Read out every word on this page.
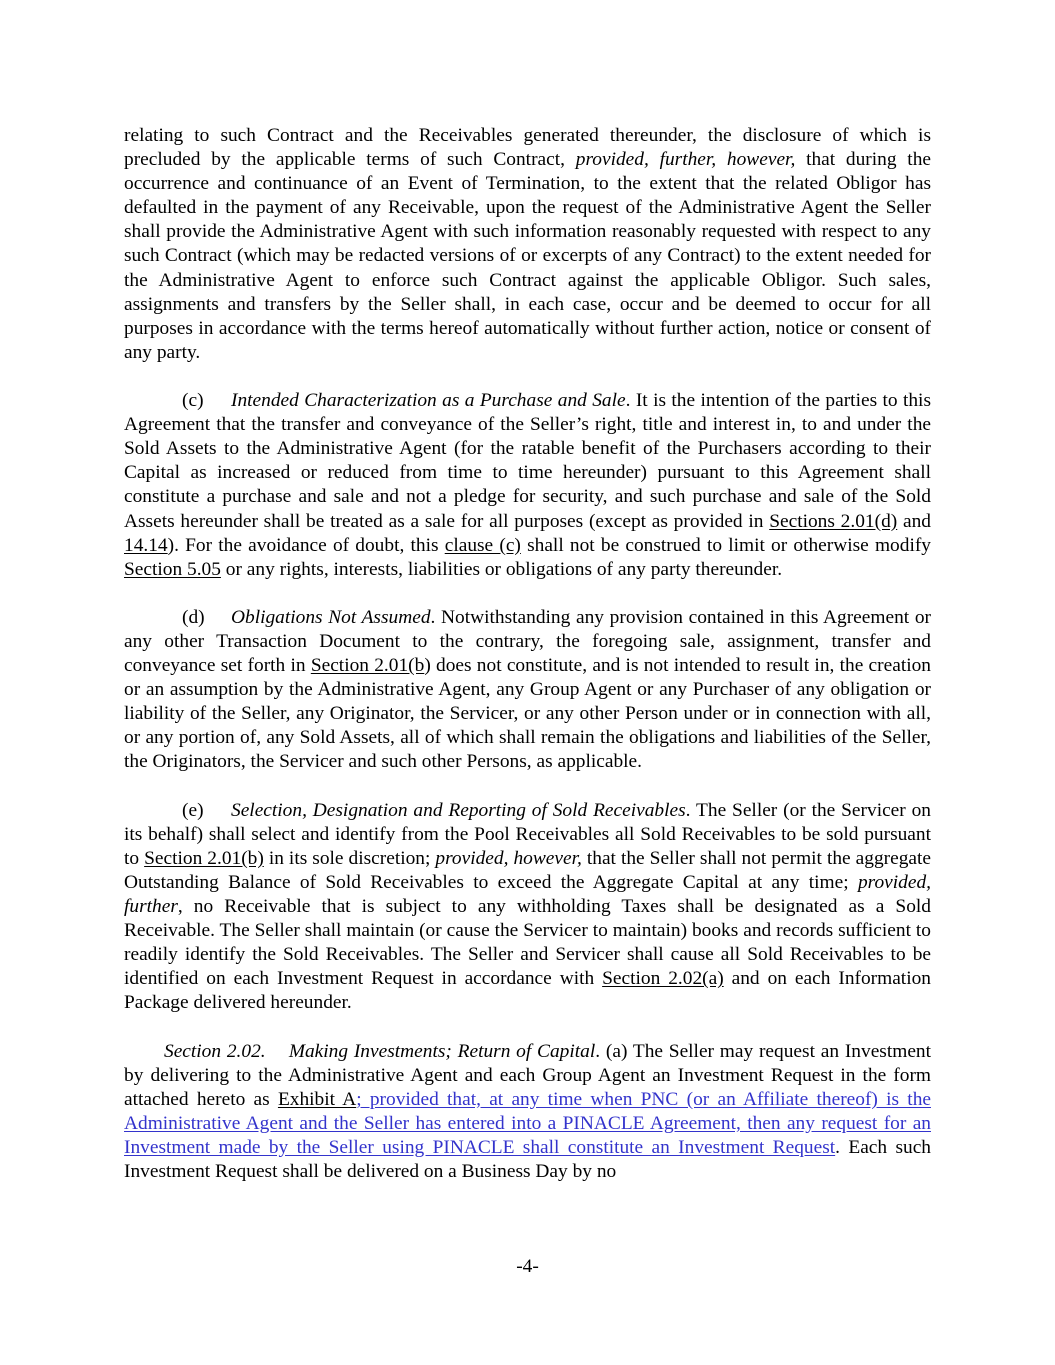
relating to such Contract and the Receivables generated thereunder, the disclosure of which is precluded by the applicable terms of such Contract, provided, further, however, that during the occurrence and continuance of an Event of Termination, to the extent that the related Obligor has defaulted in the payment of any Receivable, upon the request of the Administrative Agent the Seller shall provide the Administrative Agent with such information reasonably requested with respect to any such Contract (which may be redacted versions of or excerpts of any Contract) to the extent needed for the Administrative Agent to enforce such Contract against the applicable Obligor. Such sales, assignments and transfers by the Seller shall, in each case, occur and be deemed to occur for all purposes in accordance with the terms hereof automatically without further action, notice or consent of any party.

(c) Intended Characterization as a Purchase and Sale. It is the intention of the parties to this Agreement that the transfer and conveyance of the Seller’s right, title and interest in, to and under the Sold Assets to the Administrative Agent (for the ratable benefit of the Purchasers according to their Capital as increased or reduced from time to time hereunder) pursuant to this Agreement shall constitute a purchase and sale and not a pledge for security, and such purchase and sale of the Sold Assets hereunder shall be treated as a sale for all purposes (except as provided in Sections 2.01(d) and 14.14). For the avoidance of doubt, this clause (c) shall not be construed to limit or otherwise modify Section 5.05 or any rights, interests, liabilities or obligations of any party thereunder.

(d) Obligations Not Assumed. Notwithstanding any provision contained in this Agreement or any other Transaction Document to the contrary, the foregoing sale, assignment, transfer and conveyance set forth in Section 2.01(b) does not constitute, and is not intended to result in, the creation or an assumption by the Administrative Agent, any Group Agent or any Purchaser of any obligation or liability of the Seller, any Originator, the Servicer, or any other Person under or in connection with all, or any portion of, any Sold Assets, all of which shall remain the obligations and liabilities of the Seller, the Originators, the Servicer and such other Persons, as applicable.

(e) Selection, Designation and Reporting of Sold Receivables. The Seller (or the Servicer on its behalf) shall select and identify from the Pool Receivables all Sold Receivables to be sold pursuant to Section 2.01(b) in its sole discretion; provided, however, that the Seller shall not permit the aggregate Outstanding Balance of Sold Receivables to exceed the Aggregate Capital at any time; provided, further, no Receivable that is subject to any withholding Taxes shall be designated as a Sold Receivable. The Seller shall maintain (or cause the Servicer to maintain) books and records sufficient to readily identify the Sold Receivables. The Seller and Servicer shall cause all Sold Receivables to be identified on each Investment Request in accordance with Section 2.02(a) and on each Information Package delivered hereunder.

Section 2.02. Making Investments; Return of Capital. (a) The Seller may request an Investment by delivering to the Administrative Agent and each Group Agent an Investment Request in the form attached hereto as Exhibit A; provided that, at any time when PNC (or an Affiliate thereof) is the Administrative Agent and the Seller has entered into a PINACLE Agreement, then any request for an Investment made by the Seller using PINACLE shall constitute an Investment Request. Each such Investment Request shall be delivered on a Business Day by no

-4-
